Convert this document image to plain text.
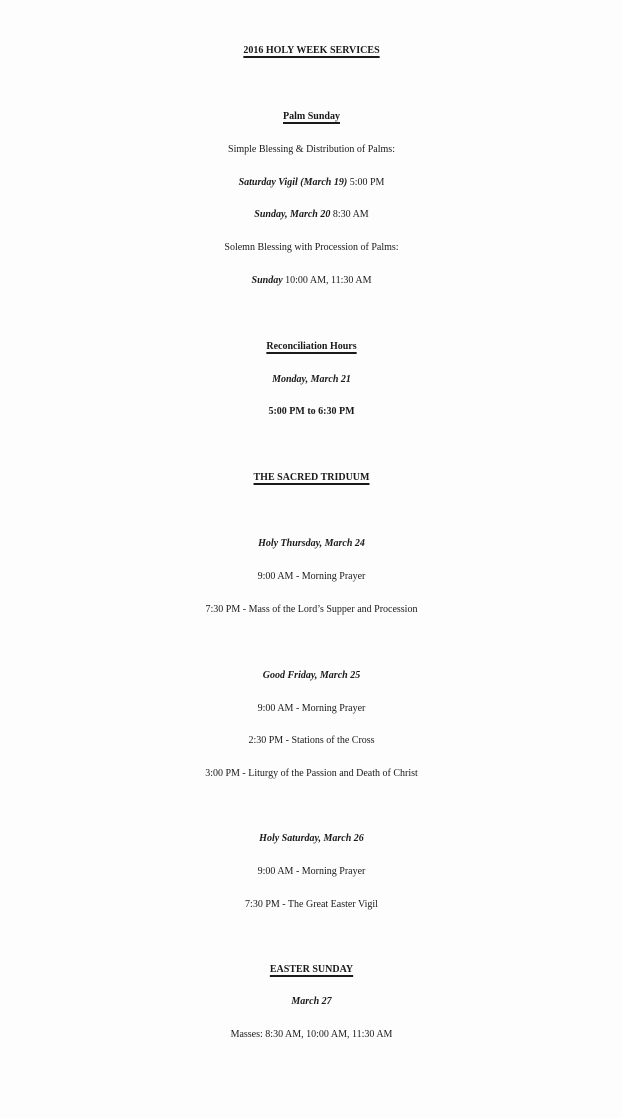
2016 HOLY WEEK SERVICES
Palm Sunday
Simple Blessing & Distribution of Palms:
Saturday Vigil (March 19) 5:00 PM
Sunday, March 20 8:30 AM
Solemn Blessing with Procession of Palms:
Sunday 10:00 AM, 11:30 AM
Reconciliation Hours
Monday, March 21
5:00 PM to 6:30 PM
THE SACRED TRIDUUM
Holy Thursday, March 24
9:00 AM - Morning Prayer
7:30 PM - Mass of the Lord’s Supper and Procession
Good Friday, March 25
9:00 AM - Morning Prayer
2:30 PM - Stations of the Cross
3:00 PM - Liturgy of the Passion and Death of Christ
Holy Saturday, March 26
9:00 AM - Morning Prayer
7:30 PM - The Great Easter Vigil
EASTER SUNDAY
March 27
Masses: 8:30 AM, 10:00 AM, 11:30 AM
